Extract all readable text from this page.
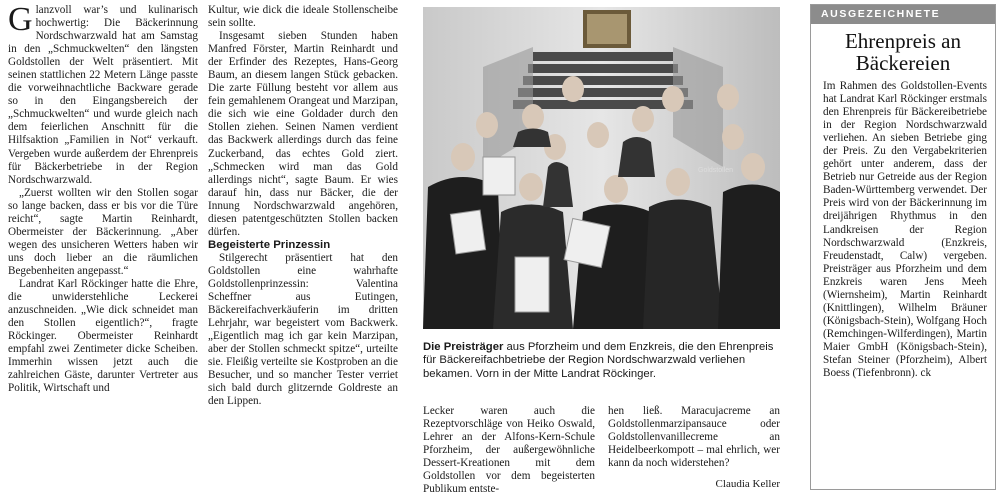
Glanzvoll war’s und kulinarisch hochwertig: Die Bäckerinnung Nordschwarzwald hat am Samstag in den „Schmuckwelten“ den längsten Goldstollen der Welt präsentiert. Mit seinen stattlichen 22 Metern Länge passte die vorweihnachtliche Backware gerade so in den Eingangsbereich der „Schmuckwelten“ und wurde gleich nach dem feierlichen Anschnitt für die Hilfsaktion „Familien in Not“ verkauft. Vergeben wurde außerdem der Ehrenpreis für Bäckerbetriebe in der Region Nordschwarzwald.

„Zuerst wollten wir den Stollen sogar so lange backen, dass er bis vor die Türe reicht“, sagte Martin Reinhardt, Obermeister der Bäckerinnung. „Aber wegen des unsicheren Wetters haben wir uns doch lieber an die räumlichen Begebenheiten angepasst.“

Landrat Karl Röckinger hatte die Ehre, die unwiderstehliche Leckerei anzuschneiden. „Wie dick schneidet man den Stollen eigentlich?“, fragte Röckinger. Obermeister Reinhardt empfahl zwei Zentimeter dicke Scheiben. Immerhin wissen jetzt auch die zahlreichen Gäste, darunter Vertreter aus Politik, Wirtschaft und

Kultur, wie dick die ideale Stollenscheibe sein sollte.

Insgesamt sieben Stunden haben Manfred Förster, Martin Reinhardt und der Erfinder des Rezeptes, Hans-Georg Baum, an diesem langen Stück gebacken. Die zarte Füllung besteht vor allem aus fein gemahlenem Orangeat und Marzipan, die sich wie eine Goldader durch den Stollen ziehen. Seinen Namen verdient das Backwerk allerdings durch das feine Zuckerband, das echtes Gold ziert. „Schmecken wird man das Gold allerdings nicht“, sagte Baum. Er wies darauf hin, dass nur Bäcker, die der Innung Nordschwarzwald angehören, diesen patentgeschützten Stollen backen dürfen.

Begeisterte Prinzessin

Stilgerecht präsentiert hat den Goldstollen eine wahrhafte Goldstollenprinzessin: Valentina Scheffner aus Eutingen, Bäckereifachverkäuferin im dritten Lehrjahr, war begeistert vom Backwerk. „Eigentlich mag ich gar kein Marzipan, aber der Stollen schmeckt spitze“, urteilte sie. Fleißig verteilte sie Kostproben an die Besucher, und so mancher Tester verriet sich bald durch glitzernde Goldreste an den Lippen.

Goldstollen
Die Preisträger aus Pforzheim und dem Enzkreis, die den Ehrenpreis für Bäckereifachbetriebe der Region Nordschwarzwald verliehen bekamen. Vorn in der Mitte Landrat Röckinger.
Lecker waren auch die Rezeptvorschläge von Heiko Oswald, Lehrer an der Alfons-Kern-Schule Pforzheim, der außergewöhnliche Dessert-Kreationen mit dem Goldstollen vor dem begeisterten Publikum entste-
hen ließ. Maracujacreme an Goldstollenmarzipansauce oder Goldstollenvanillecreme an Heidelbeerkompott – mal ehrlich, wer kann da noch widerstehen?
Claudia Keller
AUSGEZEICHNETE
Ehrenpreis an
Bäckereien
Im Rahmen des Goldstollen-Events hat Landrat Karl Röckinger erstmals den Ehrenpreis für Bäckereibetriebe in der Region Nordschwarzwald verliehen. An sieben Betriebe ging der Preis. Zu den Vergabekriterien gehört unter anderem, dass der Betrieb nur Getreide aus der Region Baden-Württemberg verwendet. Der Preis wird von der Bäckerinnung im dreijährigen Rhythmus in den Landkreisen der Region Nordschwarzwald (Enzkreis, Freudenstadt, Calw) vergeben. Preisträger aus Pforzheim und dem Enzkreis waren Jens Meeh (Wiernsheim), Martin Reinhardt (Knittlingen), Wilhelm Bräuner (Königsbach-Stein), Wolfgang Hoch (Remchingen-Wilferdingen), Martin Maier GmbH (Königsbach-Stein), Stefan Steiner (Pforzheim), Albert Boess (Tiefenbronn). ck
